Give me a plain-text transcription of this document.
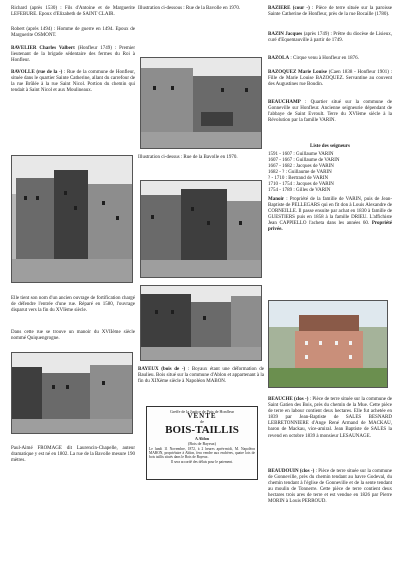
Richard (après 1530) : Fils d'Antoine et de Marguerite LEFEBURE. Epoux d'Elizabeth de SAINT CLAIR.
Robert (après 1494) : Homme de guerre en 1494. Epoux de Marguerite OSMONT.
BAVELIER Charles Valbert (Honfleur 1749) : Premier lieutenant de la brigade sédentaire des fermes du Roi à Honfleur.
BAVOLLE (rue de la -) : Rue de la commune de Honfleur, située dans le quartier Sainte Catherine, allant du carrefour de la rue Brûlée à la rue Saint Nicol. Portion du chemin qui tendait à Saint Nicol et aux Moulineaux.
Elle tient son nom d'un ancien ouvrage de fortification chargé de défendre l'entrée d'une rue. Réparé en 1580, l'ouvrage disparut vers la fin du XVIème siècle.
Dans cette rue se trouve un manoir du XVIIème siècle nommé Quiquengrogne.
Paul-Aimé FROMAGE dit Laurencin-Chapelle, auteur dramatique y est né en 1802. La rue de la Bavolle mesure 190 mètres.
Illustration ci-dessous : Rue de la Bavolle en 1970.
Illustration ci-dessus : Rue de la Bavolle en 1970.
BAYEUX (bois de -) : Boyaux étant une déformation de Baulieu. Bois situé sur la commune d'Ablon et appartenant à la fin du XIXème siècle à Napoléon MABON.
Greffe de la Justice de Paix de Honfleur
VENTE
de
BOIS-TAILLIS
A Ablon
(Bois de Bayeux)
Le lundi 11 Novembre, 1872, à 2 heures après-midi, M. Napoléon MABON, propriétaire à Ablon, fera vendre aux enchères, quatre lots de bois taillis situés dans le Bois de Bayeux.
Il sera accordé des délais pour le paiement.
BAZIERE (cour -) : Pièce de terre située sur la paroisse Sainte Catherine de Honfleur, près de la rue Bocaille (1780).
BAZIN Jacques (après 1749) : Prêtre du diocèse de Lisieux, curé d'Equemauville à partir de 1749.
BAZOLA : Cirque venu à Honfleur en 1876.
BAZOQUEZ Marie Louise (Caen 1838 - Honfleur 1901) : Fille de Marie Louise BAZOQUEZ. Servantine au couvent des Augustines rue Boudin.
BEAUCHAMP : Quartier situé sur la commune de Gonneville sur Honfleur. Ancienne seigneurie dépendant de l'abbaye de Saint Evroult. Terre du XVIème siècle à la Révolution par la famille VARIN.
Liste des seigneurs
1591 - 1607 : Guillaume VARIN
1607 - 1667 : Guillaume de VARIN
1667 - 1682 : Jacques de VARIN
1682 - ? : Guillaume de VARIN
? - 1710 : Bertrand de VARIN
1710 - 1754 : Jacques de VARIN
1754 - 1789 : Gilles de VARIN
Manoir : Propriété de la famille de VARIN, puis de Jean-Baptiste de PELLEGARS qui en fit don à Louis Alexandre de CORNEILLE. Il passe ensuite par achat en 1830 à famille de GUESTIERS puis en 1858 à la famille DRIEU. L'affichiste Jean CAPPIELLO l'acheta dans les années 60. Propriété privée.
BEAUCHE (clos -) : Pièce de terre située sur la commune de Saint Gatien des Bois, près du chemin de la Mue. Cette pièce de terre en labour contient deux hectares. Elle fut achetée en 1839 par Jean-Baptiste de SALES BESNARD LEBRETONNIERE d'Ange René Armand de MACKAU, baron de Mackau, vice-amiral. Jean Baptiste de SALES la revend en octobre 1839 à monsieur LESAUNAGE.
BEAUDOUIN (clos -) : Pièce de terre située sur la commune de Gonneville, près du chemin tendant au havre Godeval, du chemin tendant à l'église de Gonneville et de la sente tendant au moulin de Tonnerre. Cette pièce de terre contient deux hectares trois ares de terre et est vendue en 1826 par Pierre MORIN à Louis PERROUD.
